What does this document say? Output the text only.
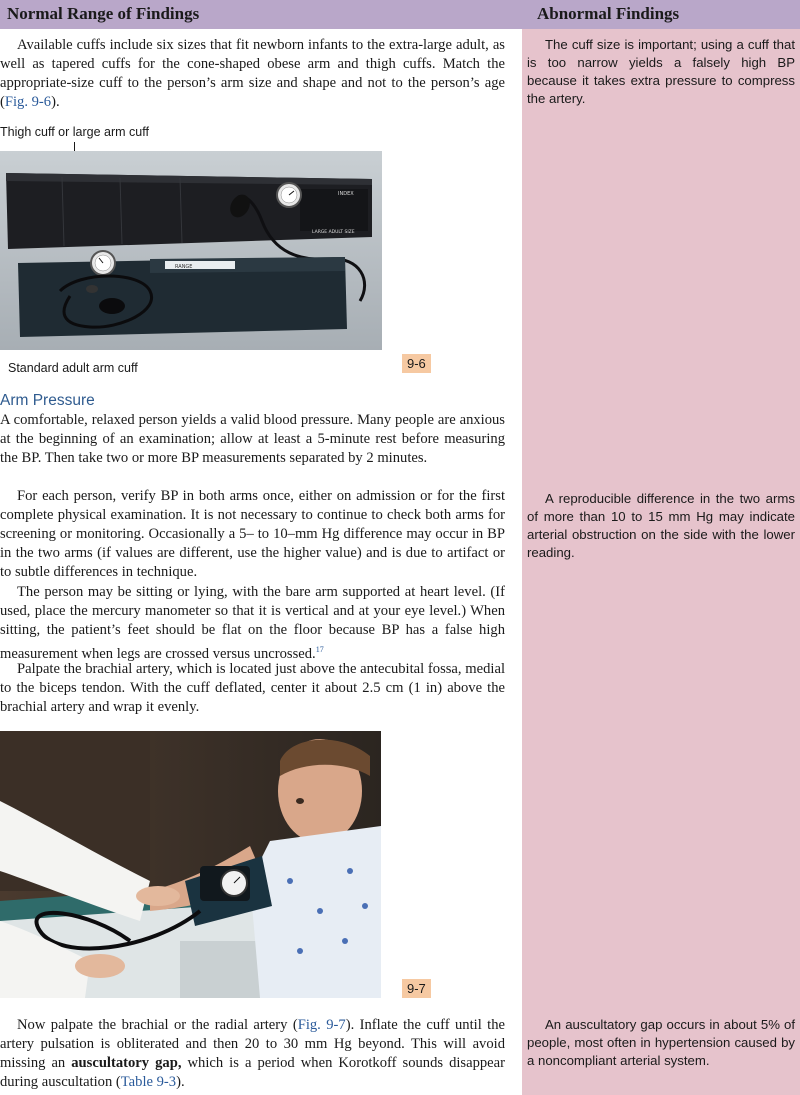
Normal Range of Findings	Abnormal Findings

Available cuffs include six sizes that fit newborn infants to the extra-large adult, as well as tapered cuffs for the cone-shaped obese arm and thigh cuffs. Match the appropriate-size cuff to the person’s arm size and shape and not to the person’s age (Fig. 9-6).

Thigh cuff or large arm cuff
INDEX
LARGE ADULT SIZE
RANGE
Standard adult arm cuff	9-6
Arm Pressure

A comfortable, relaxed person yields a valid blood pressure. Many people are anxious at the beginning of an examination; allow at least a 5-minute rest before measuring the BP. Then take two or more BP measurements separated by 2 minutes.

For each person, verify BP in both arms once, either on admission or for the first complete physical examination. It is not necessary to continue to check both arms for screening or monitoring. Occasionally a 5– to 10–mm Hg difference may occur in BP in the two arms (if values are different, use the higher value) and is due to artifact or to subtle differences in technique.

The person may be sitting or lying, with the bare arm supported at heart level. (If used, place the mercury manometer so that it is vertical and at your eye level.) When sitting, the patient’s feet should be flat on the floor because BP has a false high measurement when legs are crossed versus uncrossed.$^{17}$

Palpate the brachial artery, which is located just above the antecubital fossa, medial to the biceps tendon. With the cuff deflated, center it about 2.5 cm (1 in) above the brachial artery and wrap it evenly.

9-7

Now palpate the brachial or the radial artery (Fig. 9-7). Inflate the cuff until the artery pulsation is obliterated and then 20 to 30 mm Hg beyond. This will avoid missing an auscultatory gap, which is a period when Korotkoff sounds disappear during auscultation (Table 9-3).

The cuff size is important; using a cuff that is too narrow yields a falsely high BP because it takes extra pressure to compress the artery.

A reproducible difference in the two arms of more than 10 to 15 mm Hg may indicate arterial obstruction on the side with the lower reading.

An auscultatory gap occurs in about 5% of people, most often in hypertension caused by a noncompliant arterial system.
